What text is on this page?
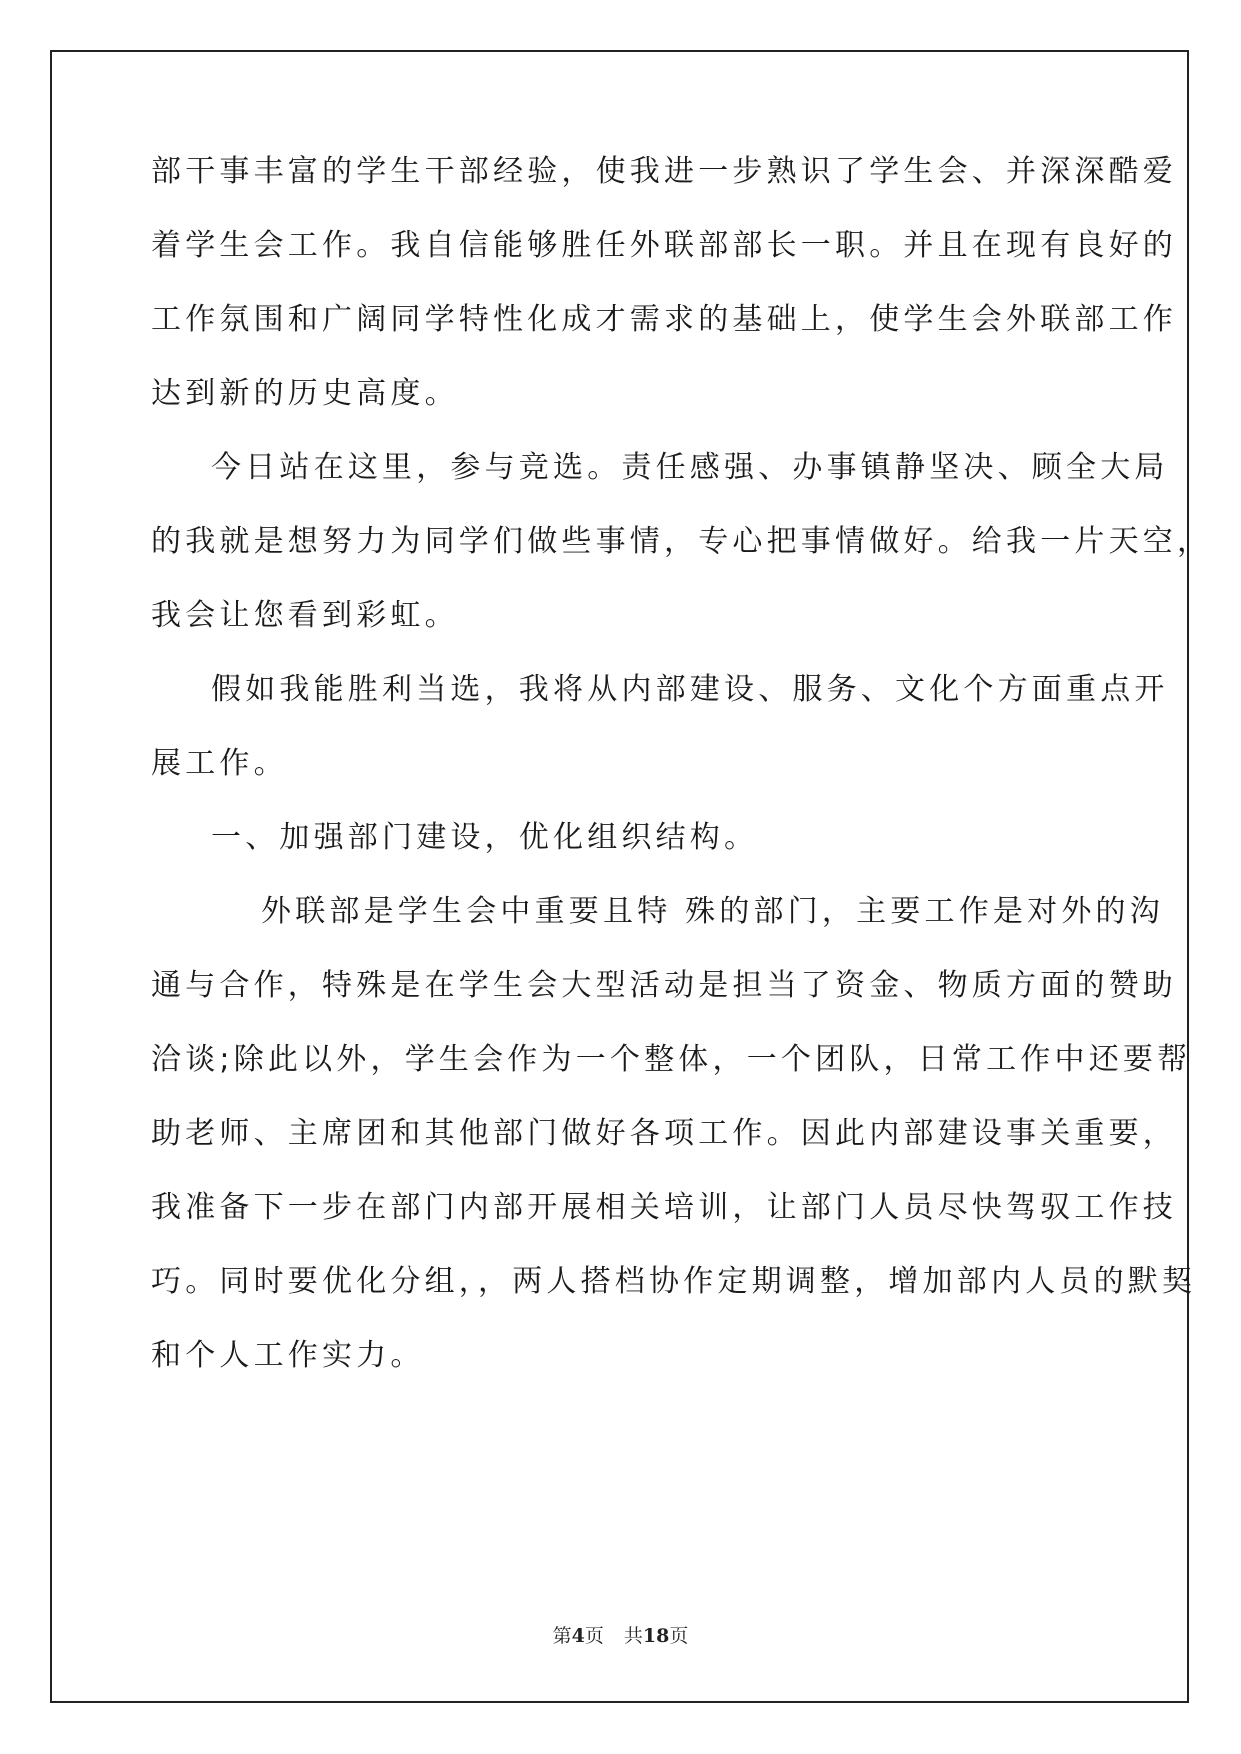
部干事丰富的学生干部经验，使我进一步熟识了学生会、并深深酷爱
着学生会工作。我自信能够胜任外联部部长一职。并且在现有良好的
工作氛围和广阔同学特性化成才需求的基础上，使学生会外联部工作
达到新的历史高度。
今日站在这里，参与竞选。责任感强、办事镇静坚决、顾全大局
的我就是想努力为同学们做些事情，专心把事情做好。给我一片天空，
我会让您看到彩虹。
假如我能胜利当选，我将从内部建设、服务、文化个方面重点开
展工作。
一、加强部门建设，优化组织结构。
外联部是学生会中重要且特 殊的部门，主要工作是对外的沟
通与合作，特殊是在学生会大型活动是担当了资金、物质方面的赞助
洽谈;除此以外，学生会作为一个整体，一个团队，日常工作中还要帮
助老师、主席团和其他部门做好各项工作。因此内部建设事关重要，
我准备下一步在部门内部开展相关培训，让部门人员尽快驾驭工作技
巧。同时要优化分组，，两人搭档协作定期调整，增加部内人员的默契
和个人工作实力。
第4页 共18页
